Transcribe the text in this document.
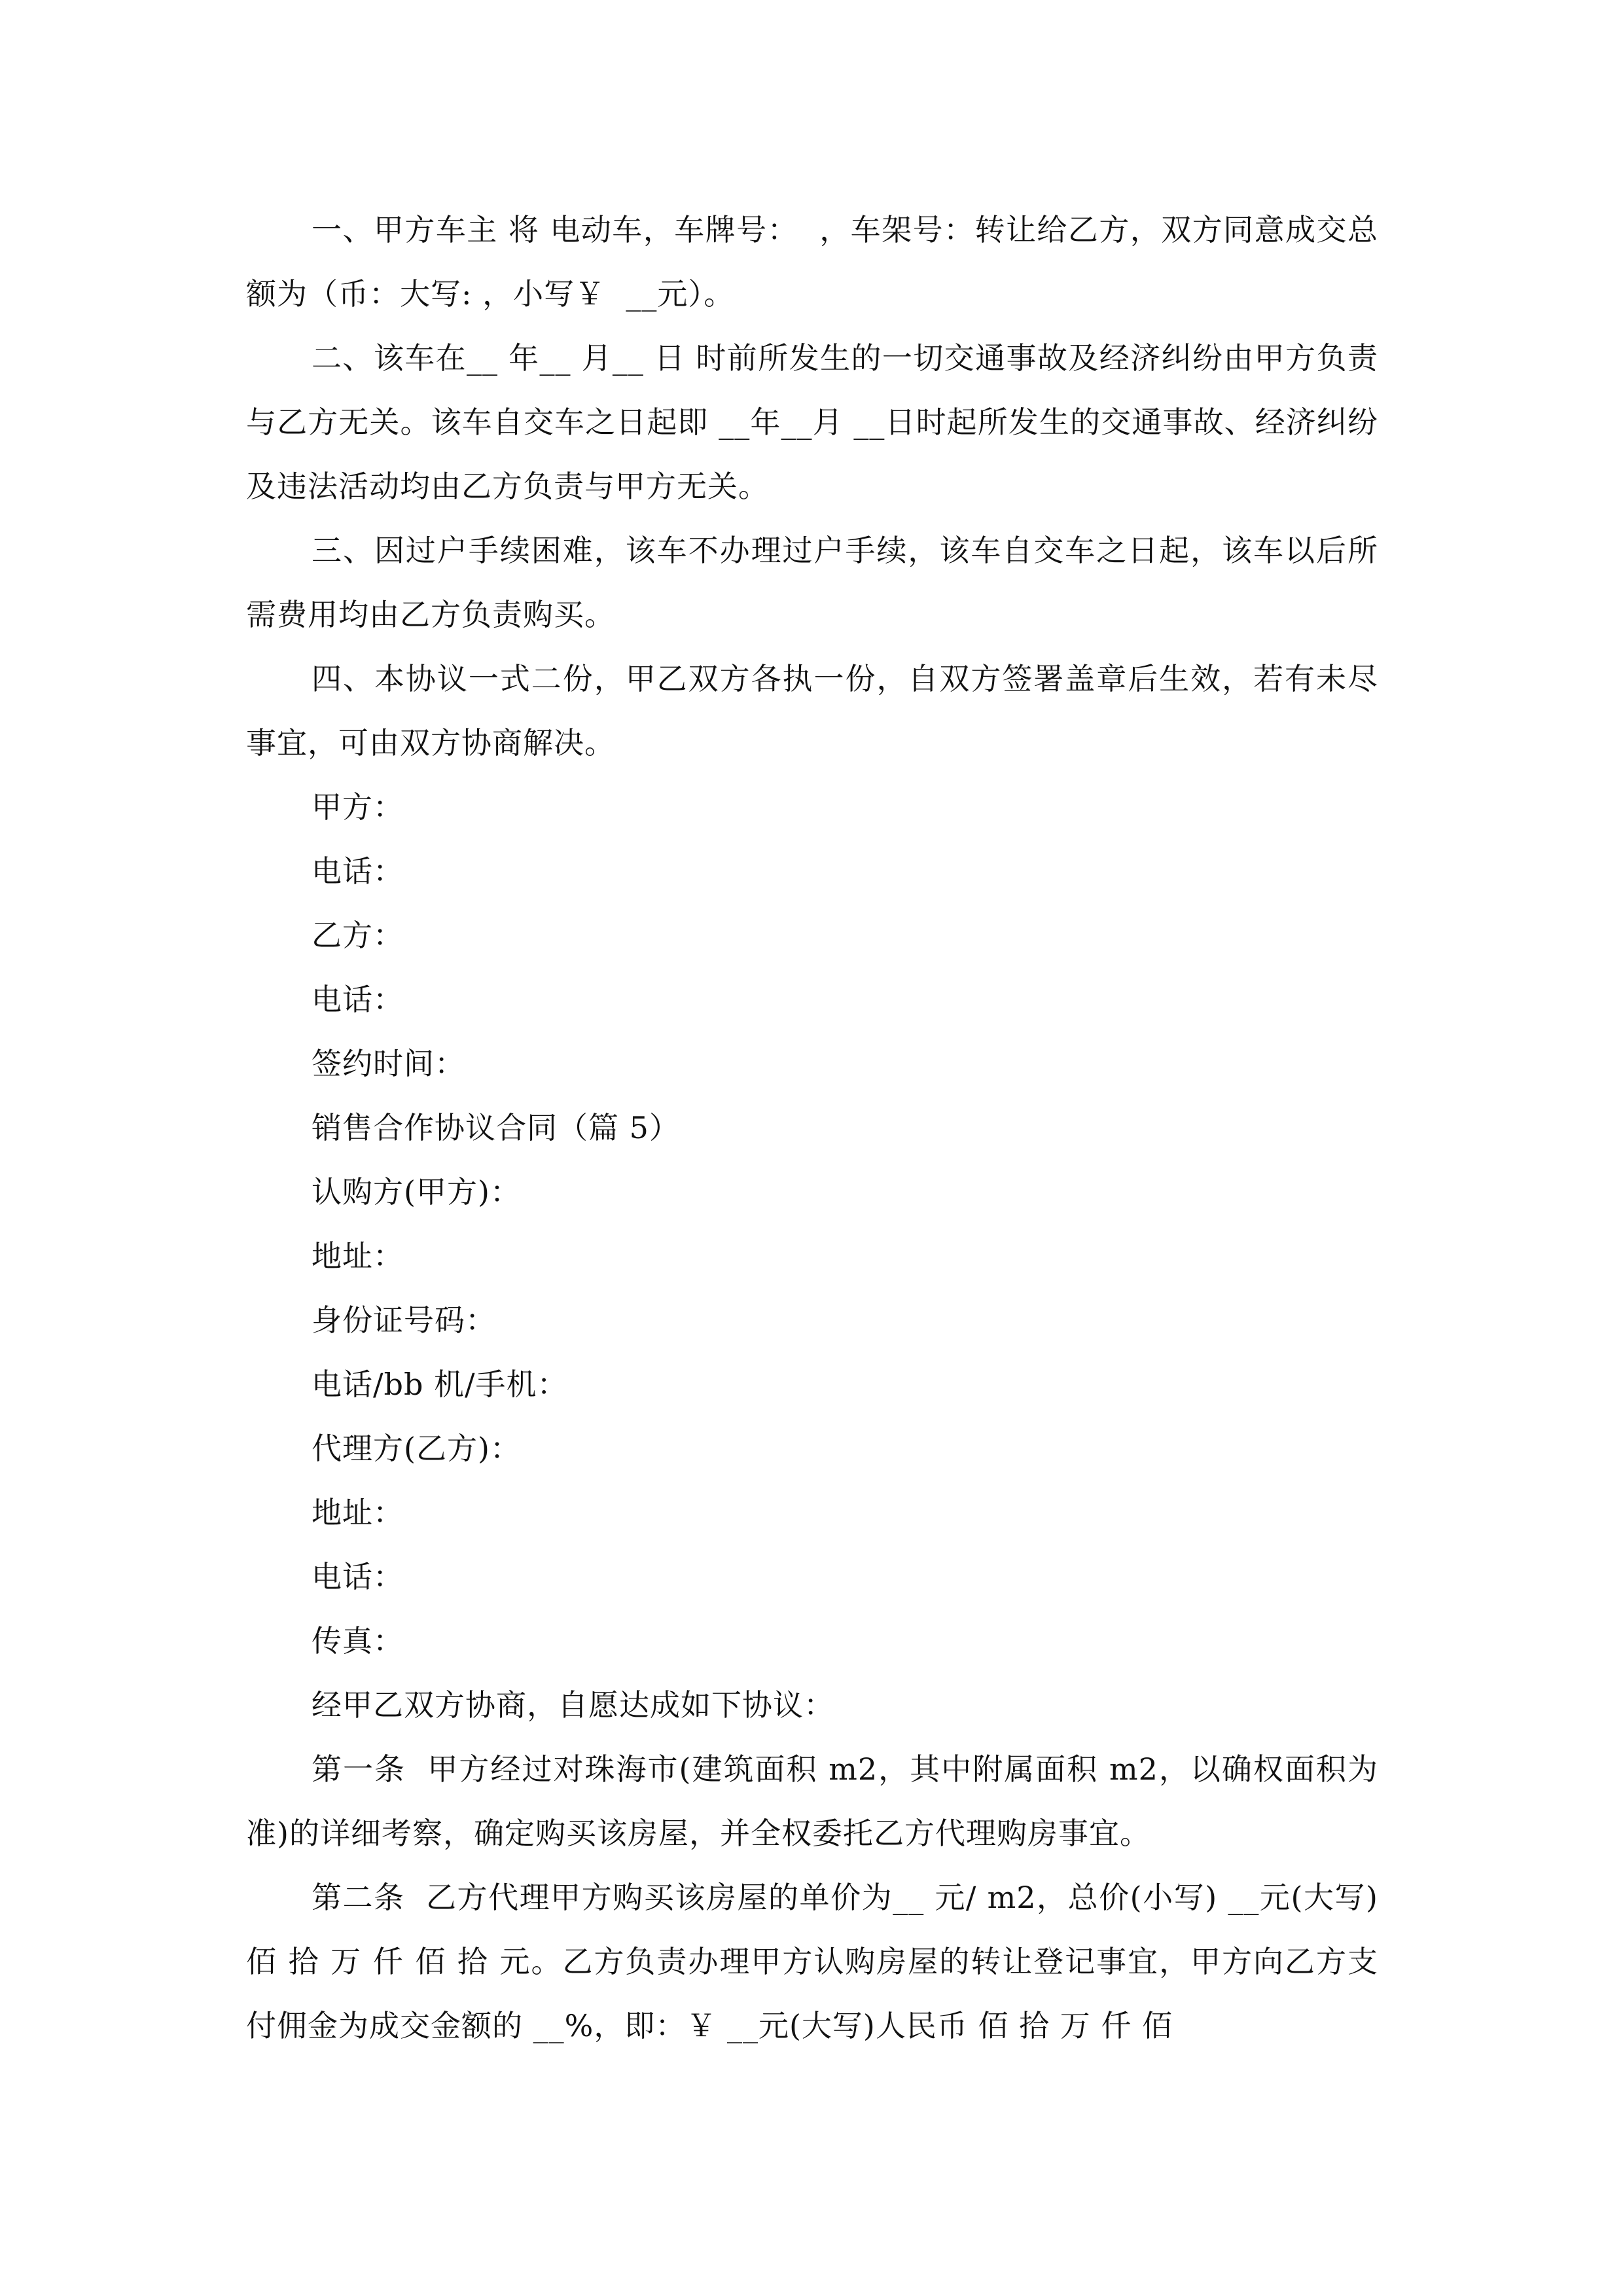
一、甲方车主 将 电动车，车牌号：  ，车架号：转让给乙方，双方同意成交总额为（币：大写: ，小写￥  __元）。

二、该车在__ 年__ 月__ 日 时前所发生的一切交通事故及经济纠纷由甲方负责与乙方无关。该车自交车之日起即 __年__月 __日时起所发生的交通事故、经济纠纷及违法活动均由乙方负责与甲方无关。

三、因过户手续困难，该车不办理过户手续，该车自交车之日起，该车以后所需费用均由乙方负责购买。

四、本协议一式二份，甲乙双方各执一份，自双方签署盖章后生效，若有未尽事宜，可由双方协商解决。

甲方：

电话：

乙方：

电话：

签约时间：

销售合作协议合同（篇 5）

认购方(甲方)：

地址：

身份证号码：

电话/bb 机/手机：

代理方(乙方)：

地址：

电话：

传真：

经甲乙双方协商，自愿达成如下协议：

第一条  甲方经过对珠海市(建筑面积 m2，其中附属面积 m2，以确权面积为准)的详细考察，确定购买该房屋，并全权委托乙方代理购房事宜。

第二条  乙方代理甲方购买该房屋的单价为__ 元/ m2，总价(小写) __元(大写) 佰 拾 万 仟 佰 拾 元。乙方负责办理甲方认购房屋的转让登记事宜，甲方向乙方支付佣金为成交金额的 __%，即：￥ __元(大写)人民币 佰 拾 万 仟 佰
